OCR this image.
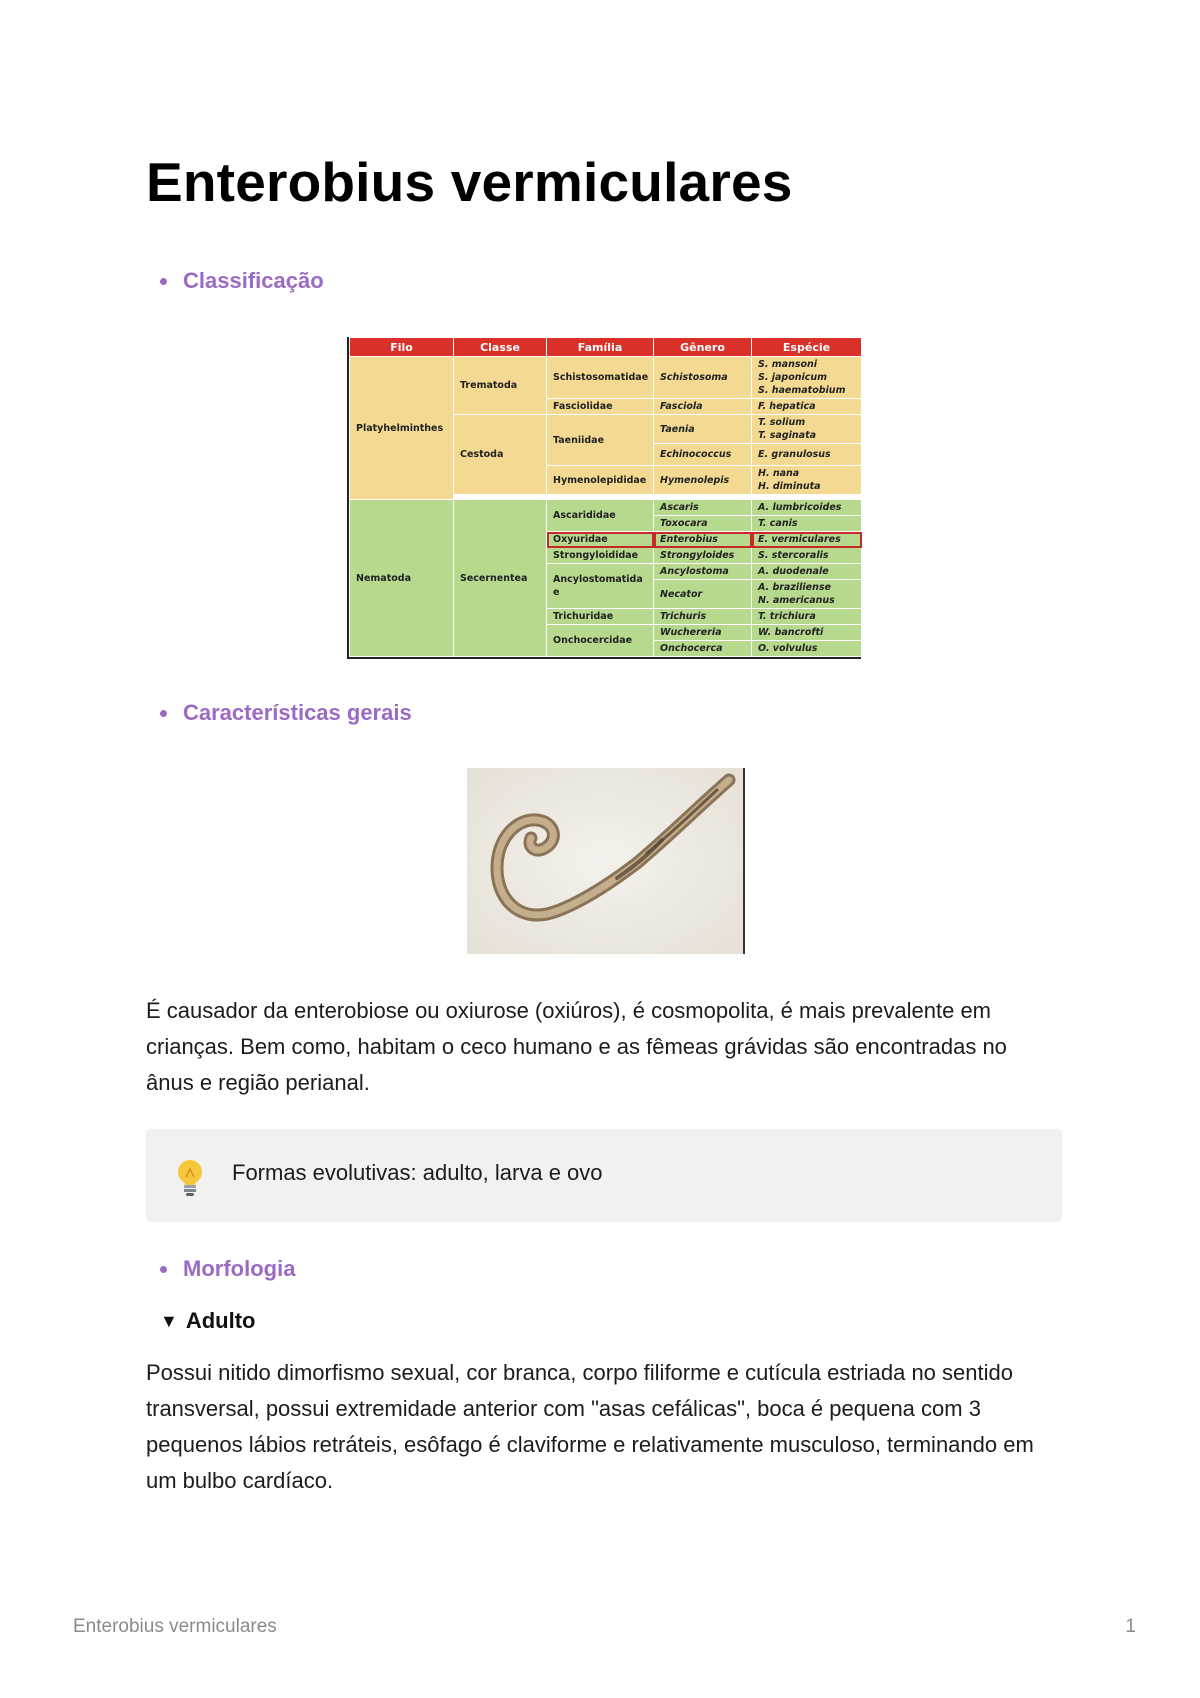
Enterobius vermiculares
Classificação
Filo	Classe	Família	Gênero	Espécie
Platyhelminthes	Trematoda	Schistosomatidae	Schistosoma	S. mansoni
S. japonicum
S. haematobium
		Fasciolidae	Fasciola	F. hepatica
	Cestoda	Taeniidae	Taenia	T. solium
T. saginata
			Echinococcus	E. granulosus
		Hymenolepididae	Hymenolepis	H. nana
H. diminuta

Nematoda	Secernentea	Ascarididae	Ascaris	A. lumbricoides
			Toxocara	T. canis
		Oxyuridae	Enterobius	E. vermiculares
		Strongyloididae	Strongyloides	S. stercoralis
		Ancylostomatida
e	Ancylostoma	A. duodenale
			Necator	A. braziliense
N. americanus
		Trichuridae	Trichuris	T. trichiura
		Onchocercidae	Wuchereria	W. bancrofti
			Onchocerca	O. volvulus
Características gerais

É causador da enterobiose ou oxiurose (oxiúros), é cosmopolita, é mais prevalente em crianças. Bem como, habitam o ceco humano e as fêmeas grávidas são encontradas no ânus e região perianal.

Formas evolutivas: adulto, larva e ovo
Morfologia
▼ Adulto

Possui nitido dimorfismo sexual, cor branca, corpo filiforme e cutícula estriada no sentido transversal, possui extremidade anterior com "asas cefálicas", boca é pequena com 3 pequenos lábios retráteis, esôfago é claviforme e relativamente musculoso, terminando em um bulbo cardíaco.

Enterobius vermiculares	1
